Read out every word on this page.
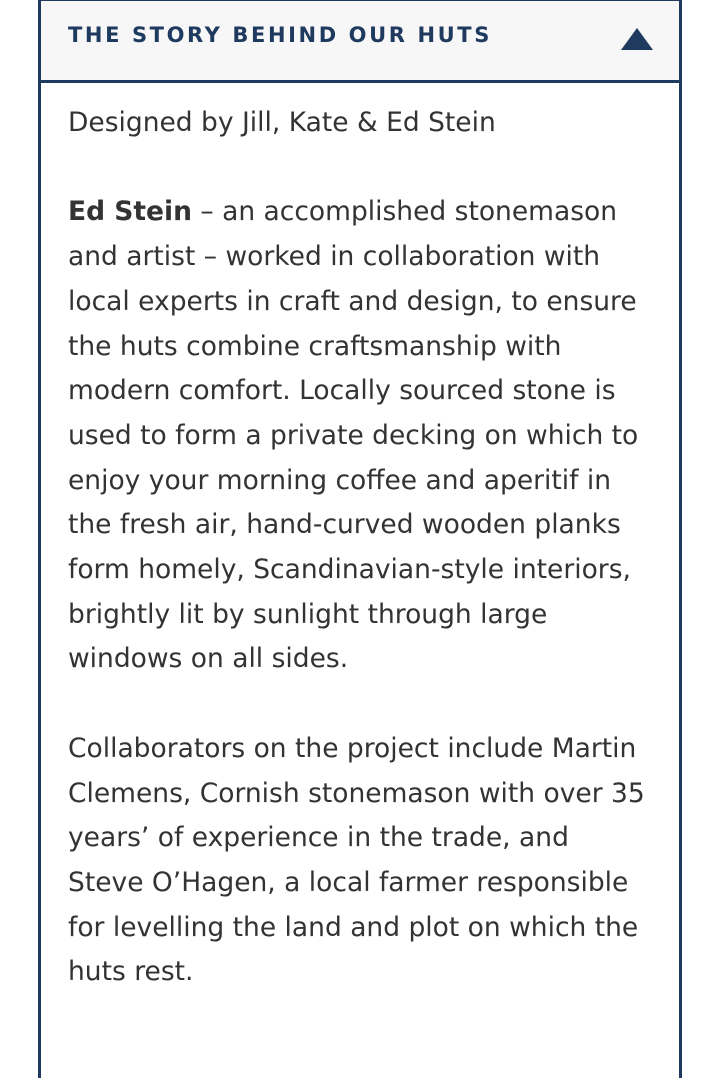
THE STORY BEHIND OUR HUTS

Designed by Jill, Kate & Ed Stein

Ed Stein – an accomplished stonemason and artist – worked in collaboration with local experts in craft and design, to ensure the huts combine craftsmanship with modern comfort. Locally sourced stone is used to form a private decking on which to enjoy your morning coffee and aperitif in the fresh air, hand-curved wooden planks form homely, Scandinavian-style interiors, brightly lit by sunlight through large windows on all sides.

Collaborators on the project include Martin Clemens, Cornish stonemason with over 35 years’ of experience in the trade, and Steve O’Hagen, a local farmer responsible for levelling the land and plot on which the huts rest.
